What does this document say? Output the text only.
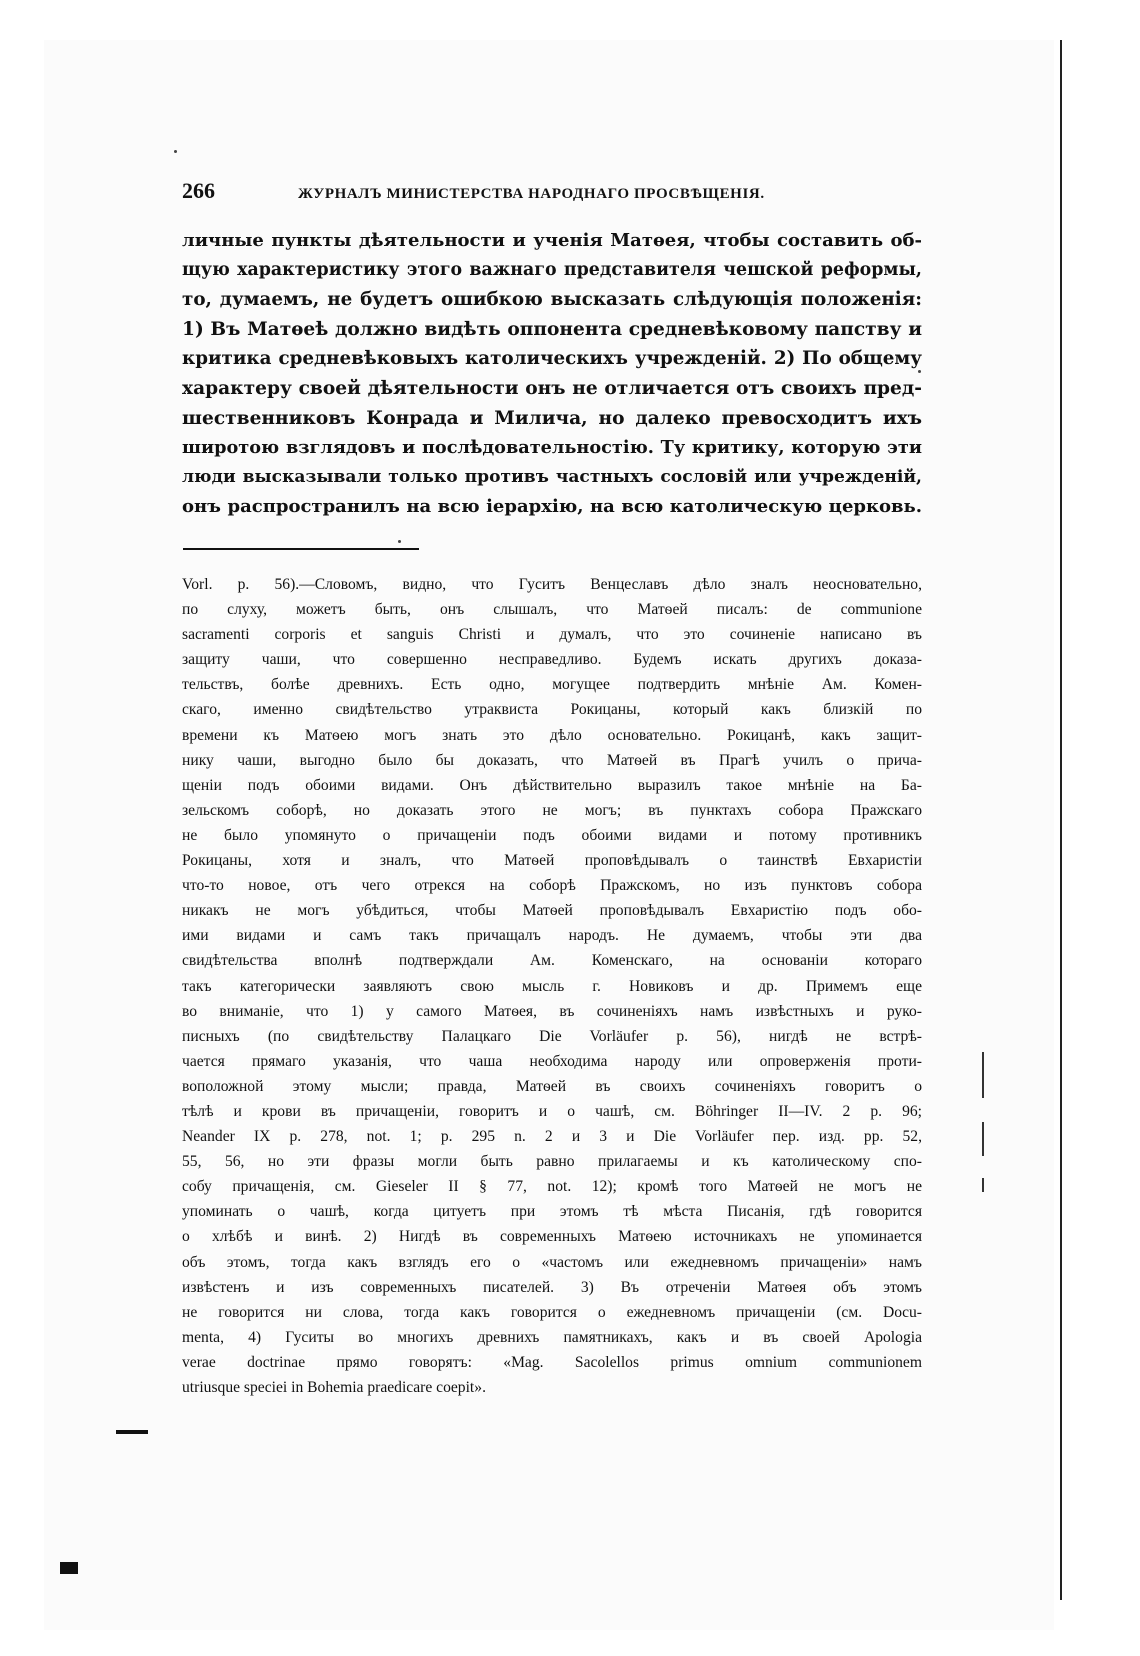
266	ЖУРНАЛЪ МИНИСТЕРСТВА НАРОДНАГО ПРОСВѢЩЕНІЯ.
личные пункты дѣятельности и ученія Матѳея, чтобы составить об-
щую характеристику этого важнаго представителя чешской реформы,
то, думаемъ, не будетъ ошибкою высказать слѣдующія положенія:
1) Въ Матѳеѣ должно видѣть оппонента средневѣковому папству и
критика средневѣковыхъ католическихъ учрежденій. 2) По общему
характеру своей дѣятельности онъ не отличается отъ своихъ пред-
шественниковъ Конрада и Милича, но далеко превосходитъ ихъ
широтою взглядовъ и послѣдовательностію. Ту критику, которую эти
люди высказывали только противъ частныхъ сословій или учрежденій,
онъ распространилъ на всю іерархію, на всю католическую церковь.
Vorl. p. 56).—Словомъ, видно, что Гуситъ Венцеславъ дѣло зналъ неосновательно,
по слуху, можетъ быть, онъ слышалъ, что Матѳей писалъ: de communione
sacramenti corporis et sanguis Christi и думалъ, что это сочиненіе написано въ
защиту чаши, что совершенно несправедливо. Будемъ искать другихъ доказа-
тельствъ, болѣе древнихъ. Есть одно, могущее подтвердить мнѣніе Ам. Комен-
скаго, именно свидѣтельство утраквиста Рокицаны, который какъ близкій по
времени къ Матѳею могъ знать это дѣло основательно. Рокицанѣ, какъ защит-
нику чаши, выгодно было бы доказать, что Матѳей въ Прагѣ училъ о прича-
щеніи подъ обоими видами. Онъ дѣйствительно выразилъ такое мнѣніе на Ба-
зельскомъ соборѣ, но доказать этого не могъ; въ пунктахъ собора Пражскаго
не было упомянуто о причащеніи подъ обоими видами и потому противникъ
Рокицаны, хотя и зналъ, что Матѳей проповѣдывалъ о таинствѣ Евхаристіи
что-то новое, отъ чего отрекся на соборѣ Пражскомъ, но изъ пунктовъ собора
никакъ не могъ убѣдиться, чтобы Матѳей проповѣдывалъ Евхаристію подъ обо-
ими видами и самъ такъ причащалъ народъ. Не думаемъ, чтобы эти два
свидѣтельства вполнѣ подтверждали Ам. Коменскаго, на основаніи котораго
такъ категорически заявляютъ свою мысль г. Новиковъ и др. Примемъ еще
во вниманіе, что 1) у самого Матѳея, въ сочиненіяхъ намъ извѣстныхъ и руко-
писныхъ (по свидѣтельству Палацкаго Die Vorläufer p. 56), нигдѣ не встрѣ-
чается прямаго указанія, что чаша необходима народу или опроверженія проти-
воположной этому мысли; правда, Матѳей въ своихъ сочиненіяхъ говоритъ о
тѣлѣ и крови въ причащеніи, говоритъ и о чашѣ, см. Böhringer II—IV. 2 p. 96;
Neander IX p. 278, not. 1; p. 295 n. 2 и 3 и Die Vorläufer пер. изд. pp. 52,
55, 56, но эти фразы могли быть равно прилагаемы и къ католическому спо-
собу причащенія, см. Gieseler II § 77, not. 12); кромѣ того Матѳей не могъ не
упоминать о чашѣ, когда цитуетъ при этомъ тѣ мѣста Писанія, гдѣ говорится
о хлѣбѣ и винѣ. 2) Нигдѣ въ современныхъ Матѳею источникахъ не упоминается
объ этомъ, тогда какъ взглядъ его о «частомъ или ежедневномъ причащеніи» намъ
извѣстенъ и изъ современныхъ писателей. 3) Въ отреченіи Матѳея объ этомъ
не говорится ни слова, тогда какъ говорится о ежедневномъ причащеніи (см. Docu-
menta, 4) Гуситы во многихъ древнихъ памятникахъ, какъ и въ своей Apologia
verae doctrinae прямо говорятъ: «Mag. Sacolellos primus omnium communionem
utriusque speciei in Bohemia praedicare coepit».
